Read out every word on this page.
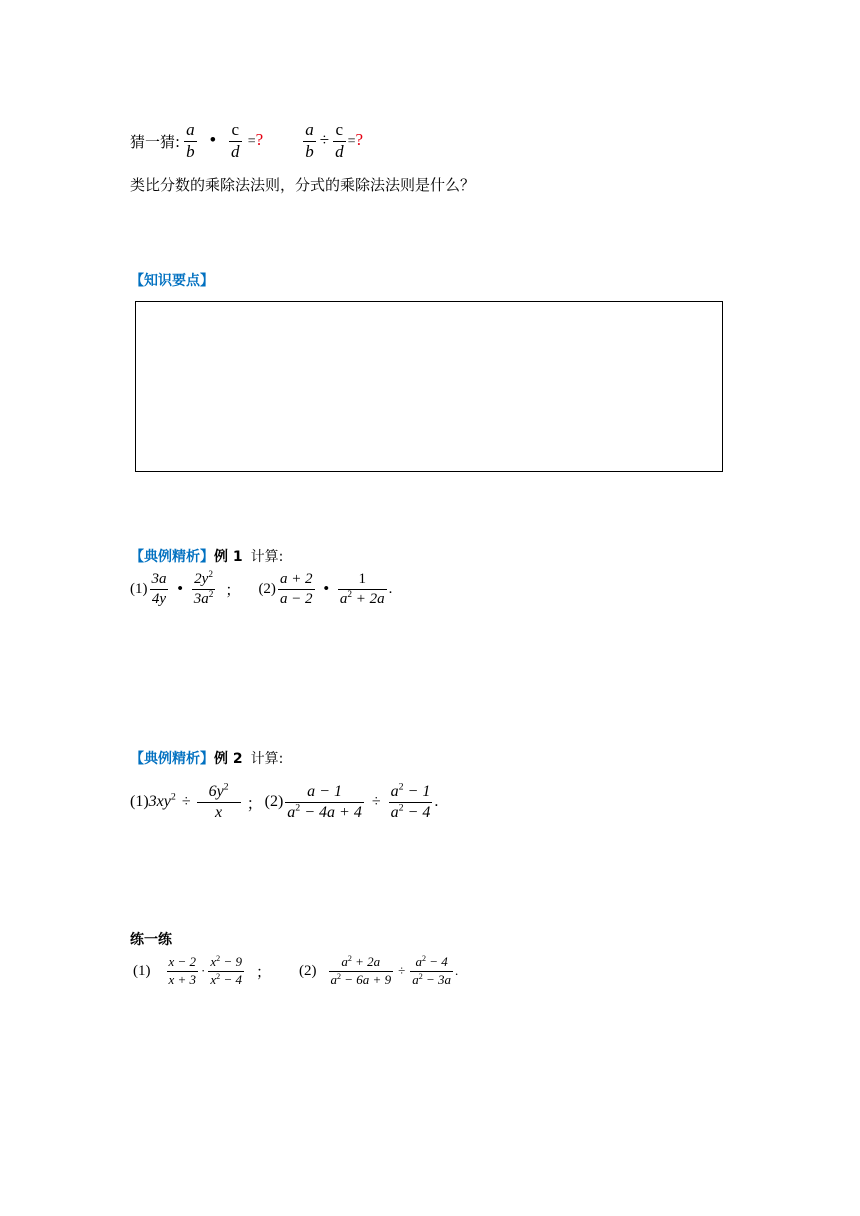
猜一猜: $\frac{a}{b}$ • $\frac{c}{d}$ =? $\frac{a}{b} \div \frac{c}{d}$ =?
类比分数的乘除法法则，分式的乘除法法则是什么？
【知识要点】
【典例精析】 例 1 计算:
$(1) \frac{3a}{4y}$ • $\frac{2y^2}{3a^2}$ ； $(2) \frac{a + 2}{a - 2}$ • $\frac{1}{a^2 + 2a}$ .
【典例精析】 例 2 计算:
(1) $3xy^2 \div \frac{6y^2}{x}$ ； $(2) \frac{a - 1}{a^2 - 4a + 4} \div \frac{a^2 - 1}{a^2 - 4}$ .
练一练
$(1) \frac{x - 2}{x + 3} \cdot \frac{x^2 - 9}{x^2 - 4}$ ； $(2) \frac{a^2 + 2a}{a^2 - 6a + 9} \div \frac{a^2 - 4}{a^2 - 3a}$ .
